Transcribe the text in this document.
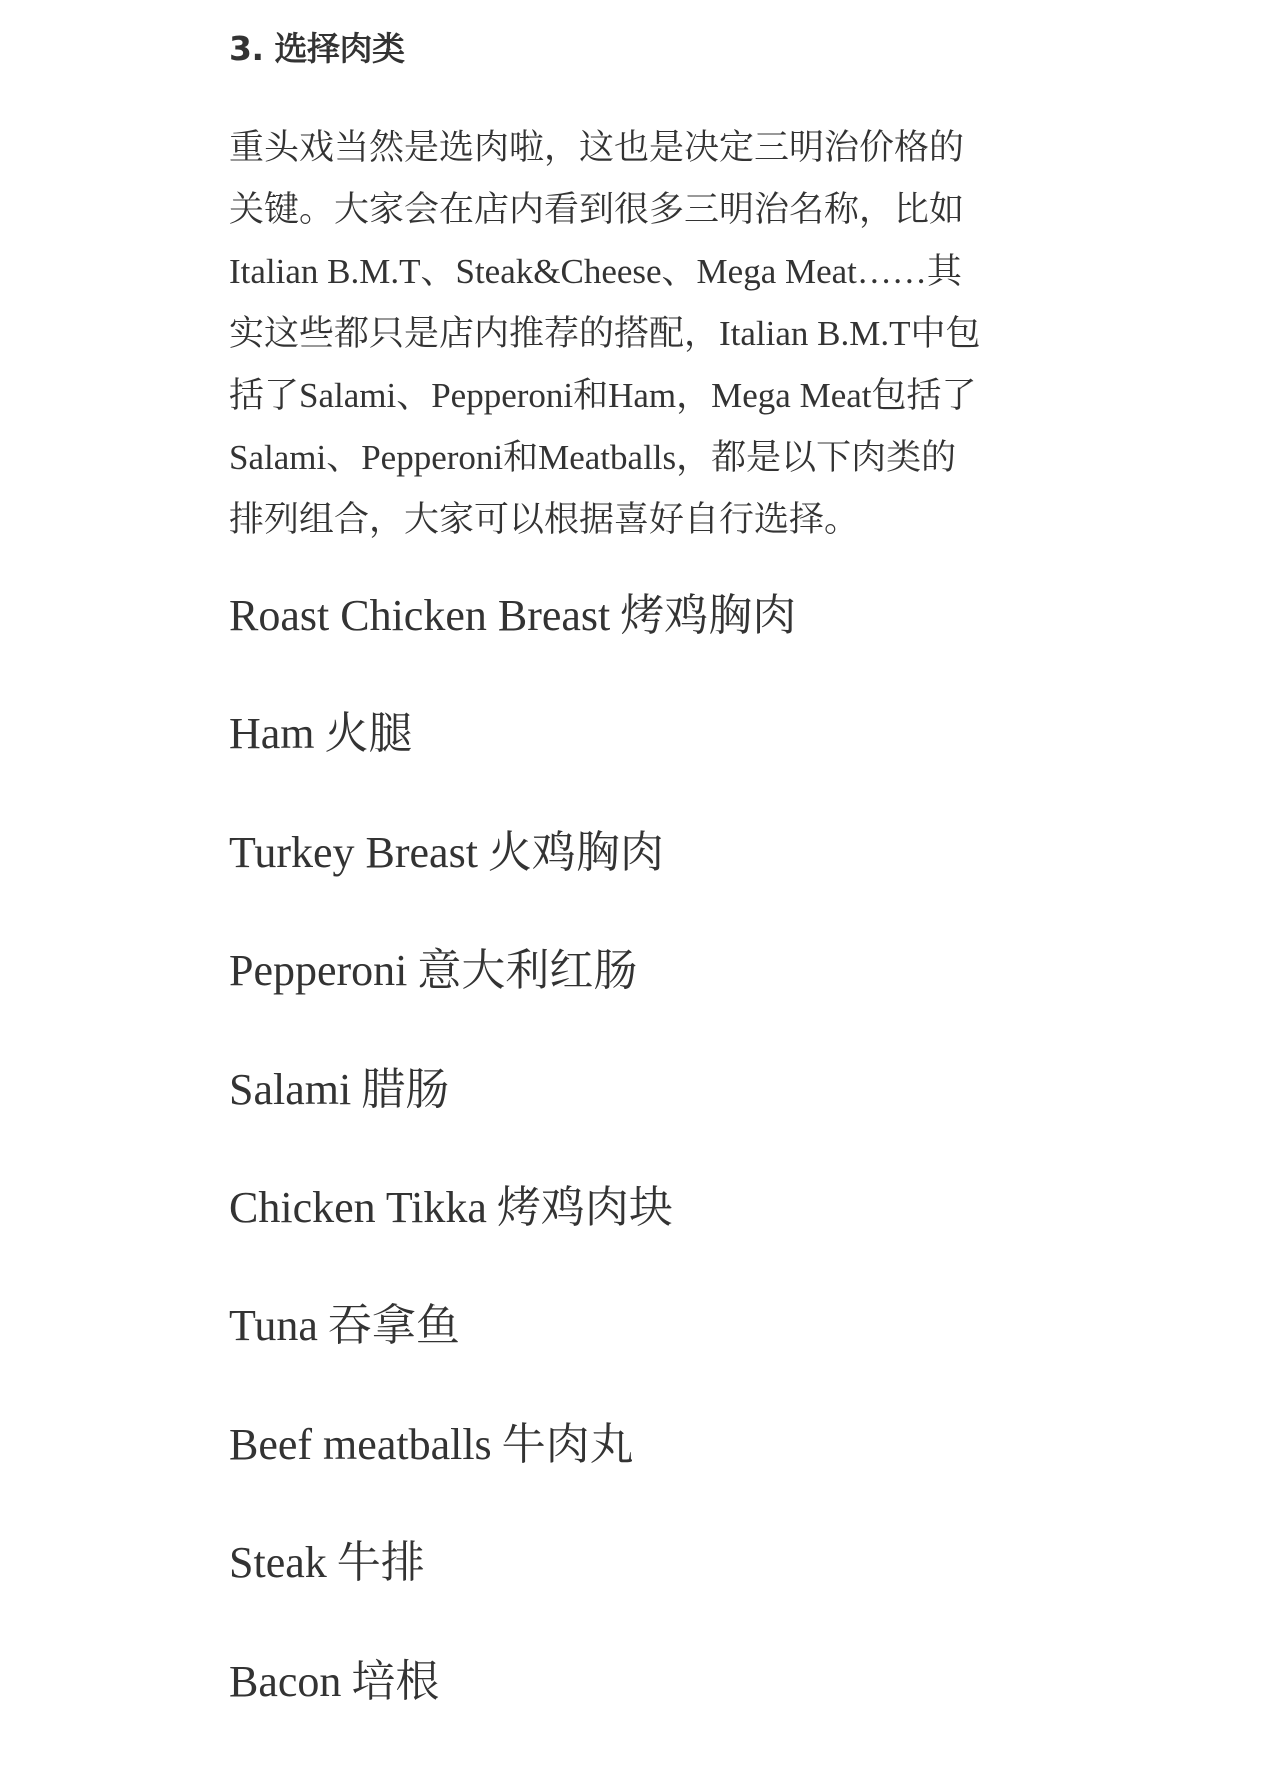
3. 选择肉类

重头戏当然是选肉啦，这也是决定三明治价格的
关键。大家会在店内看到很多三明治名称，比如
Italian B.M.T、Steak&Cheese、Mega Meat……其
实这些都只是店内推荐的搭配，Italian B.M.T中包
括了Salami、Pepperoni和Ham，Mega Meat包括了
Salami、Pepperoni和Meatballs，都是以下肉类的
排列组合，大家可以根据喜好自行选择。

Roast Chicken Breast 烤鸡胸肉
Ham 火腿
Turkey Breast 火鸡胸肉
Pepperoni 意大利红肠
Salami 腊肠
Chicken Tikka 烤鸡肉块
Tuna 吞拿鱼
Beef meatballs 牛肉丸
Steak 牛排
Bacon 培根
